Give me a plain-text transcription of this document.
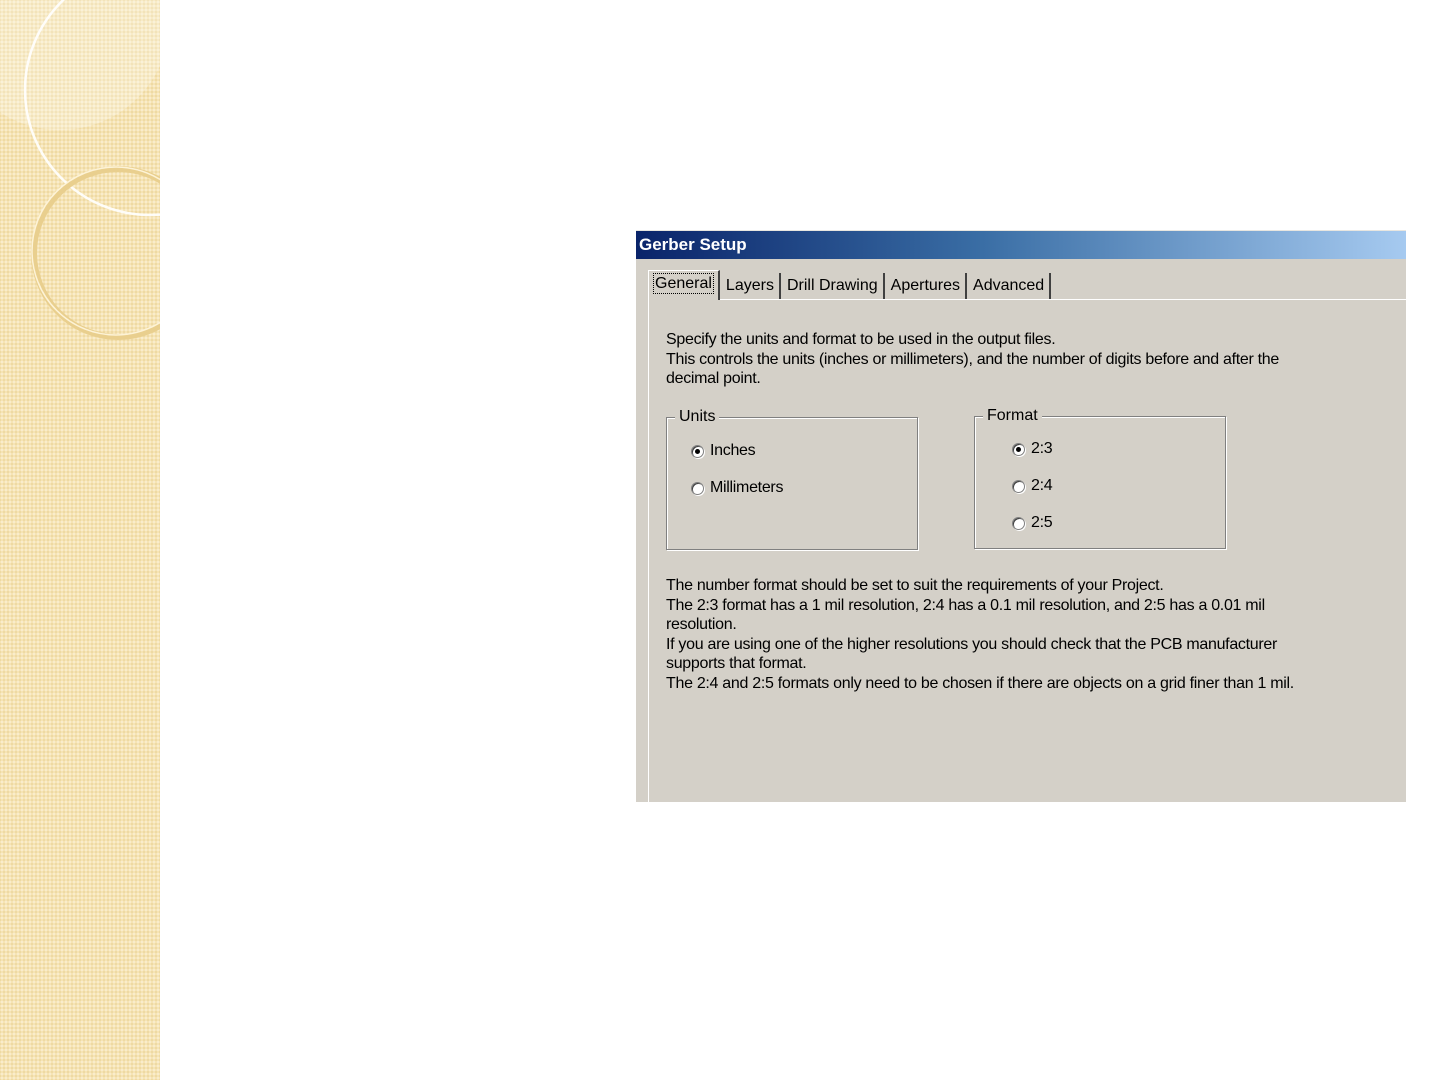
Gerber Setup
General Layers Drill Drawing Apertures Advanced
Specify the units and format to be used in the output files.
This controls the units (inches or millimeters), and the number of digits before and after the decimal point.
Units
Inches
Millimeters
Format
2:3
2:4
2:5
The number format should be set to suit the requirements of your Project.
The 2:3 format has a 1 mil resolution, 2:4 has a 0.1 mil resolution, and 2:5 has a 0.01 mil resolution.
If you are using one of the higher resolutions you should check that the PCB manufacturer supports that format.
The 2:4 and 2:5 formats only need to be chosen if there are objects on a grid finer than 1 mil.
